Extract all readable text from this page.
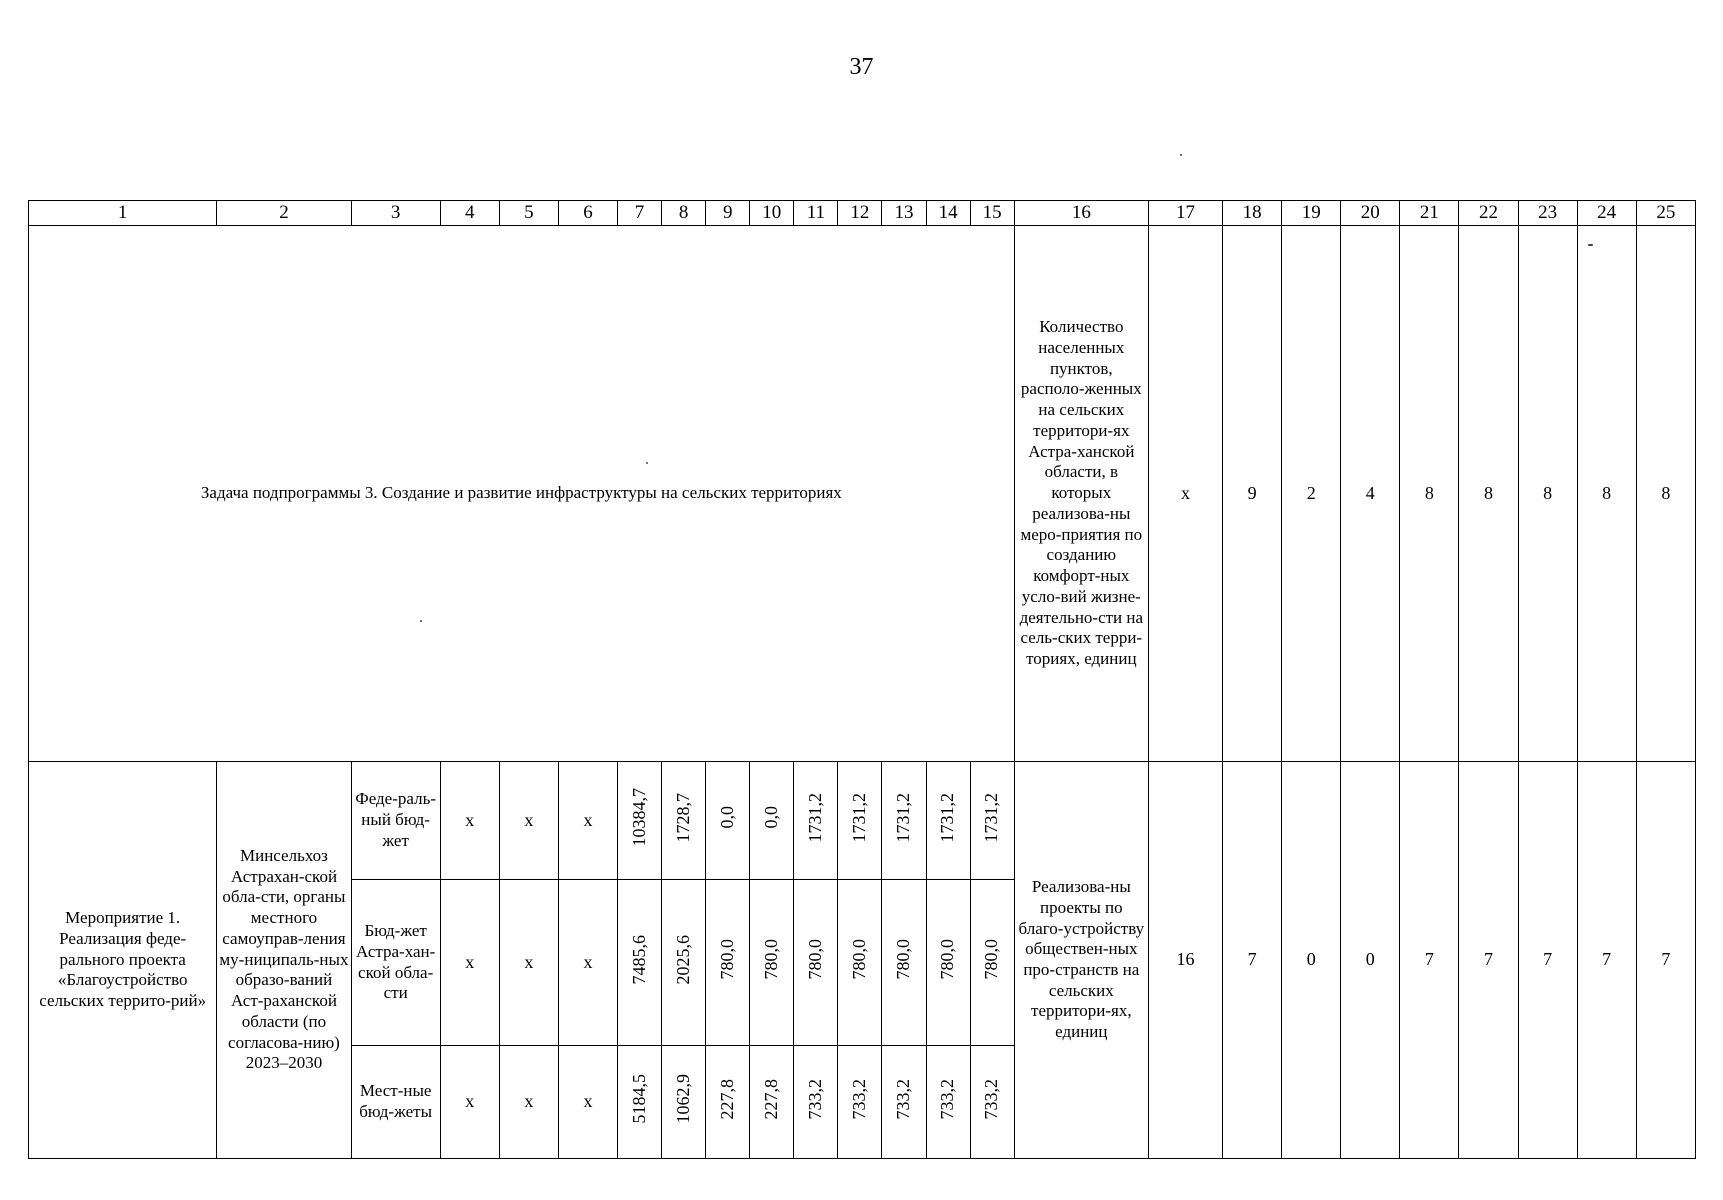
37
1	2	3	4	5	6	7	8	9	10	11	12	13	14	15	16	17	18	19	20	21	22	23	24	25
Задача подпрограммы 3. Создание и развитие инфраструктуры на сельских территориях															Количество населенных пунктов, располо-женных на сельских территори-ях Астра-ханской области, в которых реализова-ны меро-приятия по созданию комфорт-ных усло-вий жизне-деятельно-сти на сель-ских терри-ториях, единиц	x	9	2	4	8	8	8	8	8
Мероприятие 1. Реализация феде-рального проекта «Благоустройство сельских террито-рий»	Минсельхоз Астрахан-ской обла-сти, органы местного самоуправ-ления му-ниципаль-ных образо-ваний Аст-раханской области (по согласова-нию) 2023–2030	Феде-раль-ный бюд-жет	x	x	x	10384,7	1728,7	0,0	0,0	1731,2	1731,2	1731,2	1731,2	1731,2	Реализова-ны проекты по благо-устройству обществен-ных про-странств на сельских территори-ях, единиц	16	7	0	0	7	7	7	7	7
		Бюд-жет Астра-хан-ской обла-сти	x	x	x	7485,6	2025,6	780,0	780,0	780,0	780,0	780,0	780,0	780,0										
		Мест-ные бюд-жеты	x	x	x	5184,5	1062,9	227,8	227,8	733,2	733,2	733,2	733,2	733,2										
